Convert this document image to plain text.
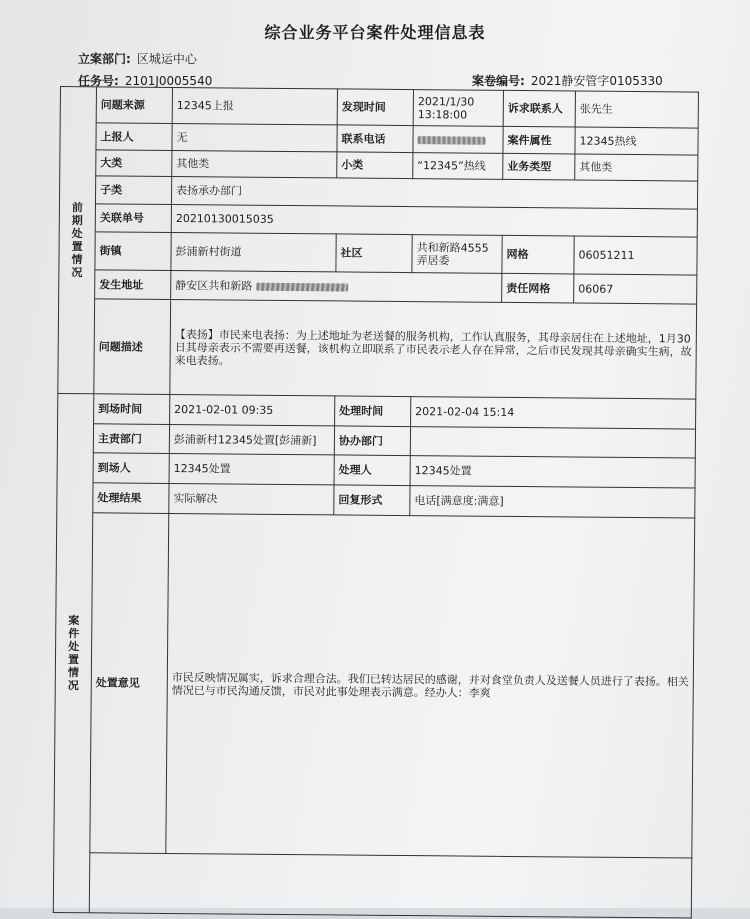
综合业务平台案件处理信息表
立案部门: 区城运中心
任务号: 2101J0005540	案卷编号: 2021静安管字0105330
前期处置情况	问题来源	12345上报	发现时间	2021/1/30 13:18:00	诉求联系人	张先生
	上报人	无	联系电话		案件属性	12345热线
	大类	其他类	小类	“12345”热线	业务类型	其他类
	子类	表扬承办部门				
	关联单号	20210130015035				
	街镇	彭浦新村街道	社区	共和新路4555弄居委	网格	06051211
	发生地址	静安区共和新路			责任网格	06067
	问题描述	【表扬】市民来电表扬：为上述地址为老送餐的服务机构，工作认真服务，其母亲居住在上述地址，1月30日其母亲表示不需要再送餐，该机构立即联系了市民表示老人存在异常，之后市民发现其母亲确实生病，故来电表扬。				
案件处置情况	到场时间	2021-02-01 09:35	处理时间	2021-02-04 15:14		
	主责部门	彭浦新村12345处置[彭浦新]	协办部门			
	到场人	12345处置	处理人	12345处置		
	处理结果	实际解决	回复形式	电话[满意度:满意]		
	处置意见	市民反映情况属实，诉求合理合法。我们已转达居民的感谢，并对食堂负责人及送餐人员进行了表扬。相关情况已与市民沟通反馈，市民对此事处理表示满意。经办人：李爽				
